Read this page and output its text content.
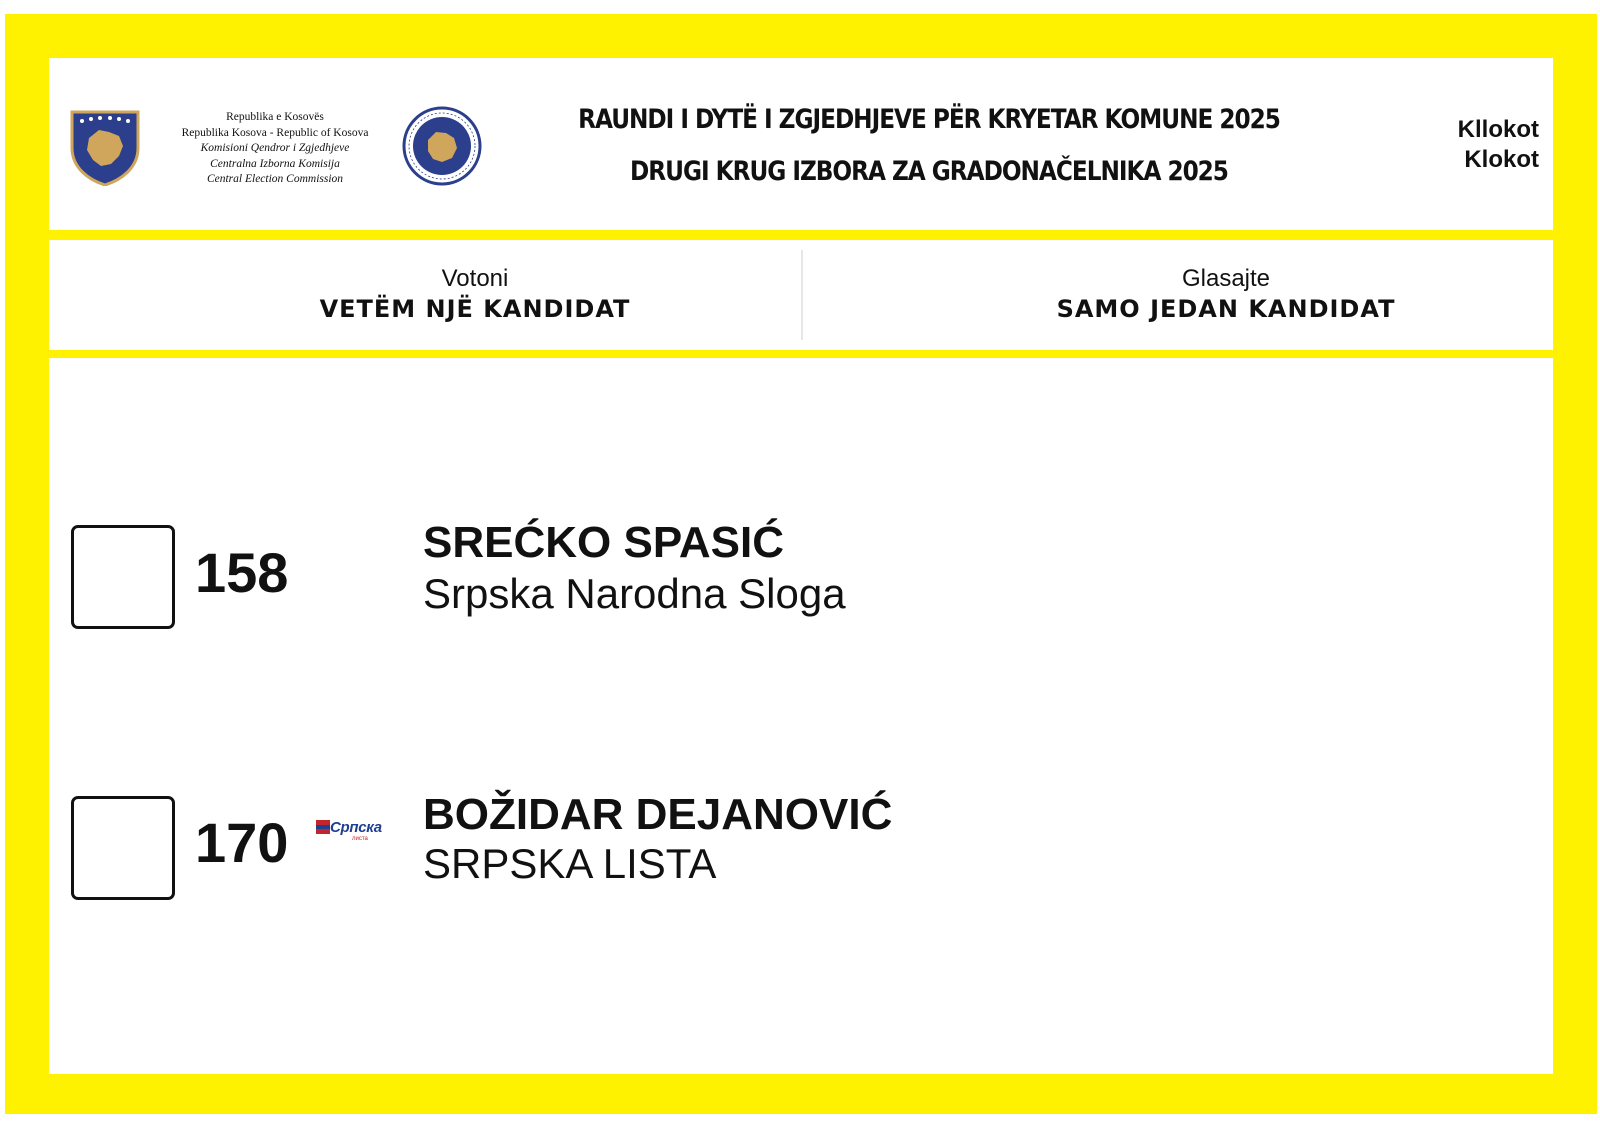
Republika e Kosovës
Republika Kosova - Republic of Kosova
Komisioni Qendror i Zgjedhjeve
Centralna Izborna Komisija
Central Election Commission
RAUNDI I DYTË I ZGJEDHJEVE PËR KRYETAR KOMUNE 2025
DRUGI KRUG IZBORA ZA GRADONAČELNIKA 2025
Kllokot
Klokot
Votoni
VETËM NJË KANDIDAT
Glasajte
SAMO JEDAN KANDIDAT
158	SREĆKO SPASIĆ
Srpska Narodna Sloga
170	Српска
листа BOŽIDAR DEJANOVIĆ
SRPSKA LISTA
